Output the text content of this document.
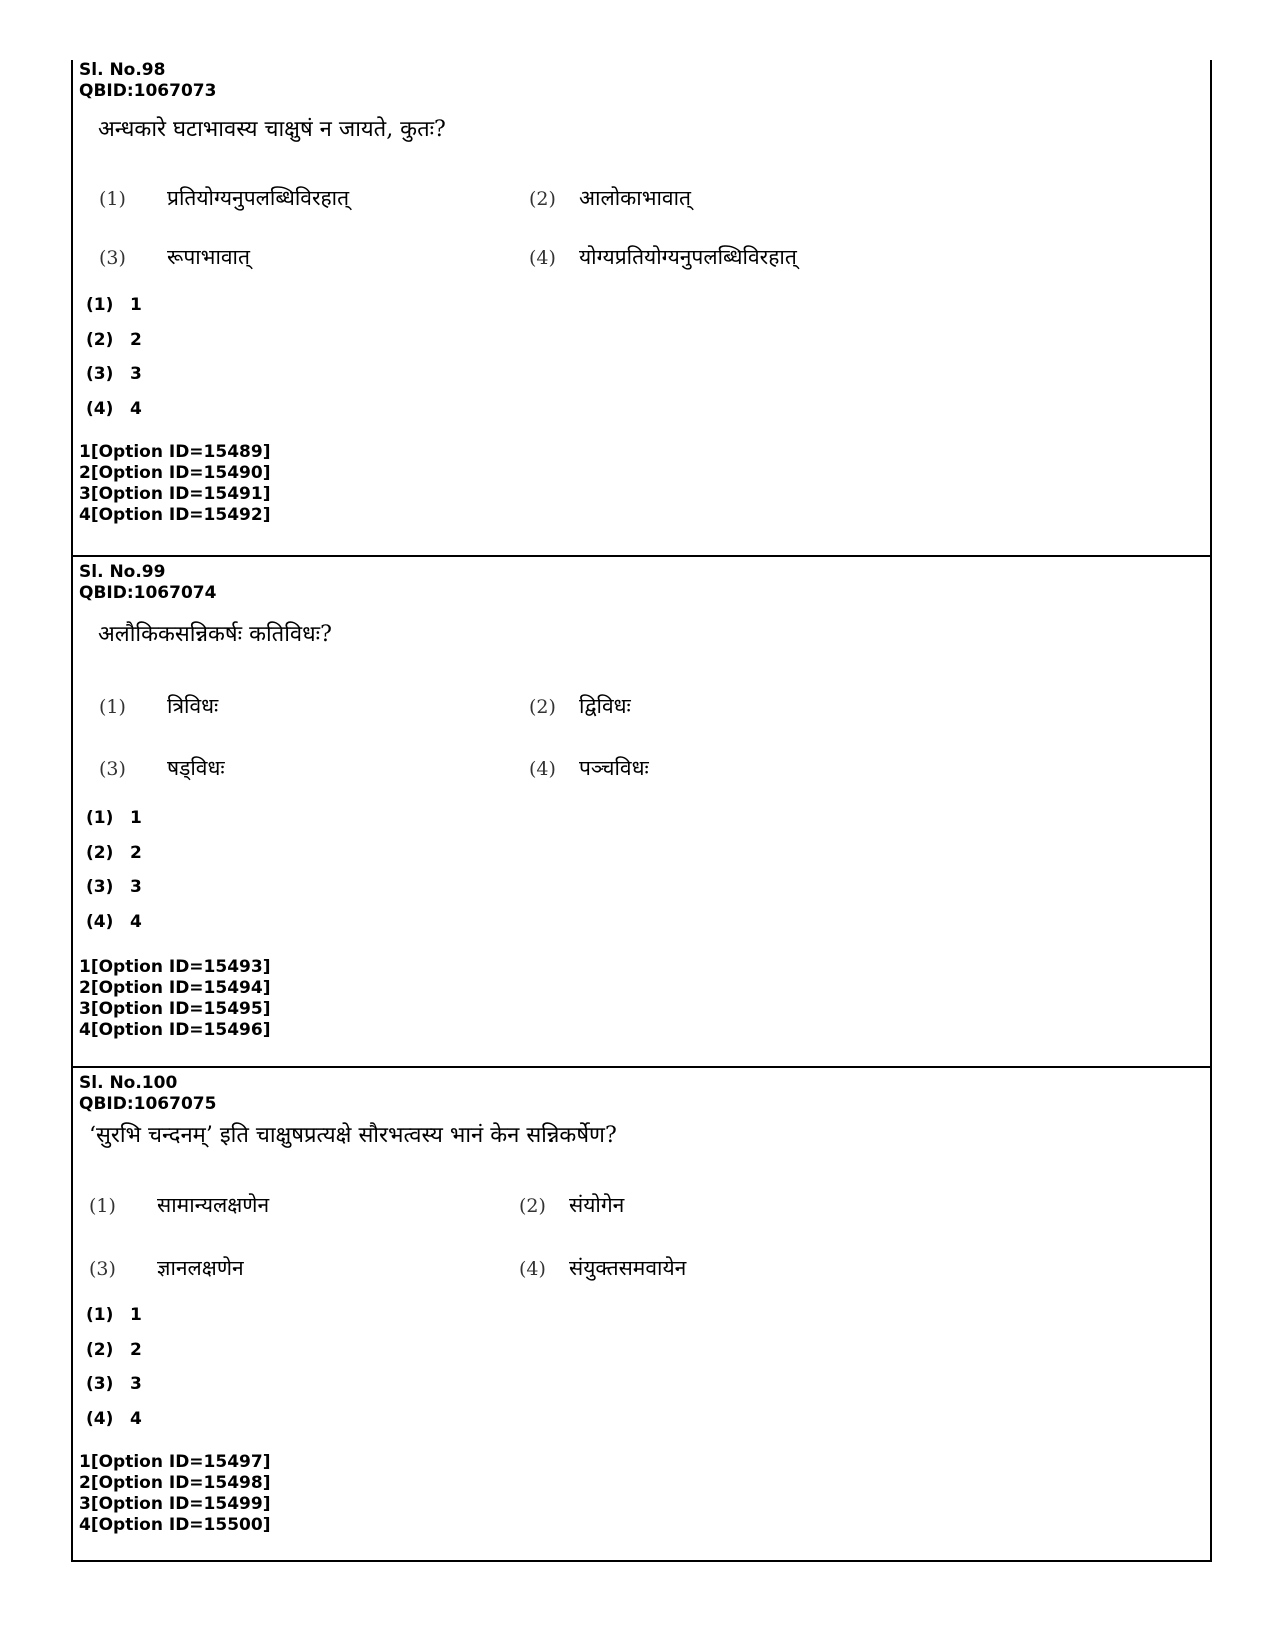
Sl. No.98
QBID:1067073
अन्धकारे घटाभावस्य चाक्षुषं न जायते, कुतः?
(1) प्रतियोग्यनुपलब्धिविरहात्	(2) आलोकाभावात्
(3) रूपाभावात्	(4) योग्यप्रतियोग्यनुपलब्धिविरहात्
(1) 1
(2) 2
(3) 3
(4) 4
1[Option ID=15489]
2[Option ID=15490]
3[Option ID=15491]
4[Option ID=15492]
Sl. No.99
QBID:1067074
अलौकिकसन्निकर्षः कतिविधः?
(1) त्रिविधः	(2) द्विविधः
(3) षड्विधः	(4) पञ्चविधः
(1) 1
(2) 2
(3) 3
(4) 4
1[Option ID=15493]
2[Option ID=15494]
3[Option ID=15495]
4[Option ID=15496]
Sl. No.100
QBID:1067075
‘सुरभि चन्दनम्’ इति चाक्षुषप्रत्यक्षे सौरभत्वस्य भानं केन सन्निकर्षेण?
(1) सामान्यलक्षणेन	(2) संयोगेन
(3) ज्ञानलक्षणेन	(4) संयुक्तसमवायेन
(1) 1
(2) 2
(3) 3
(4) 4
1[Option ID=15497]
2[Option ID=15498]
3[Option ID=15499]
4[Option ID=15500]
